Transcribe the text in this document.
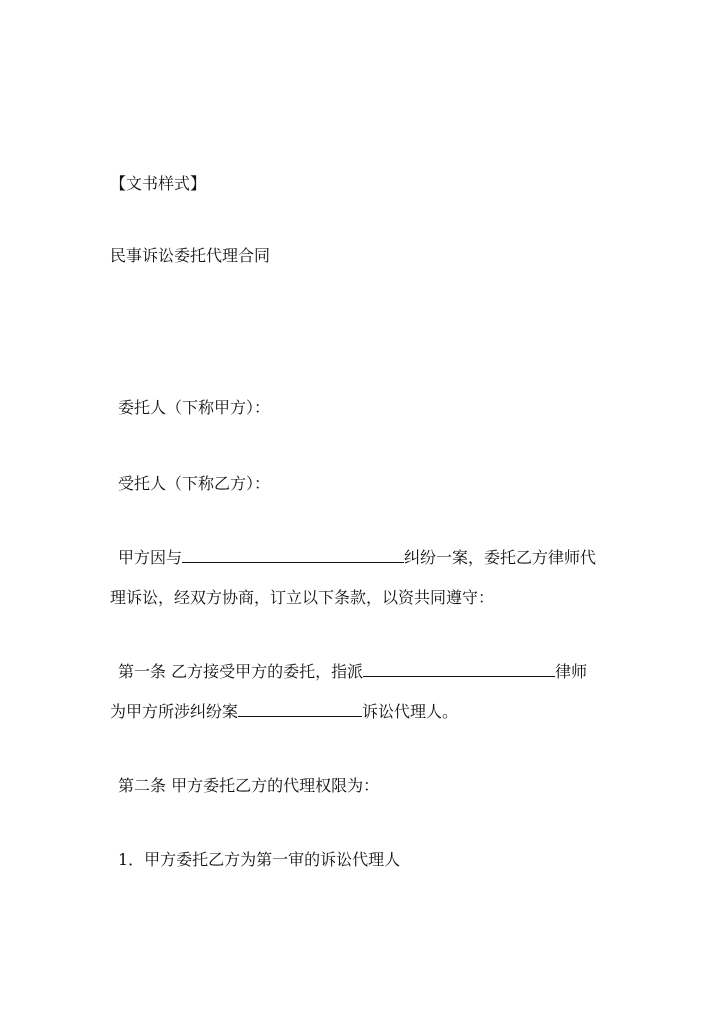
【文书样式】
民事诉讼委托代理合同
委托人（下称甲方）：
受托人（下称乙方）：
甲方因与	纠纷一案，委托乙方律师代
理诉讼，经双方协商，订立以下条款，以资共同遵守：
第一条 乙方接受甲方的委托，指派	律师
为甲方所涉纠纷案	诉讼代理人。
第二条 甲方委托乙方的代理权限为：
1．甲方委托乙方为第一审的诉讼代理人
